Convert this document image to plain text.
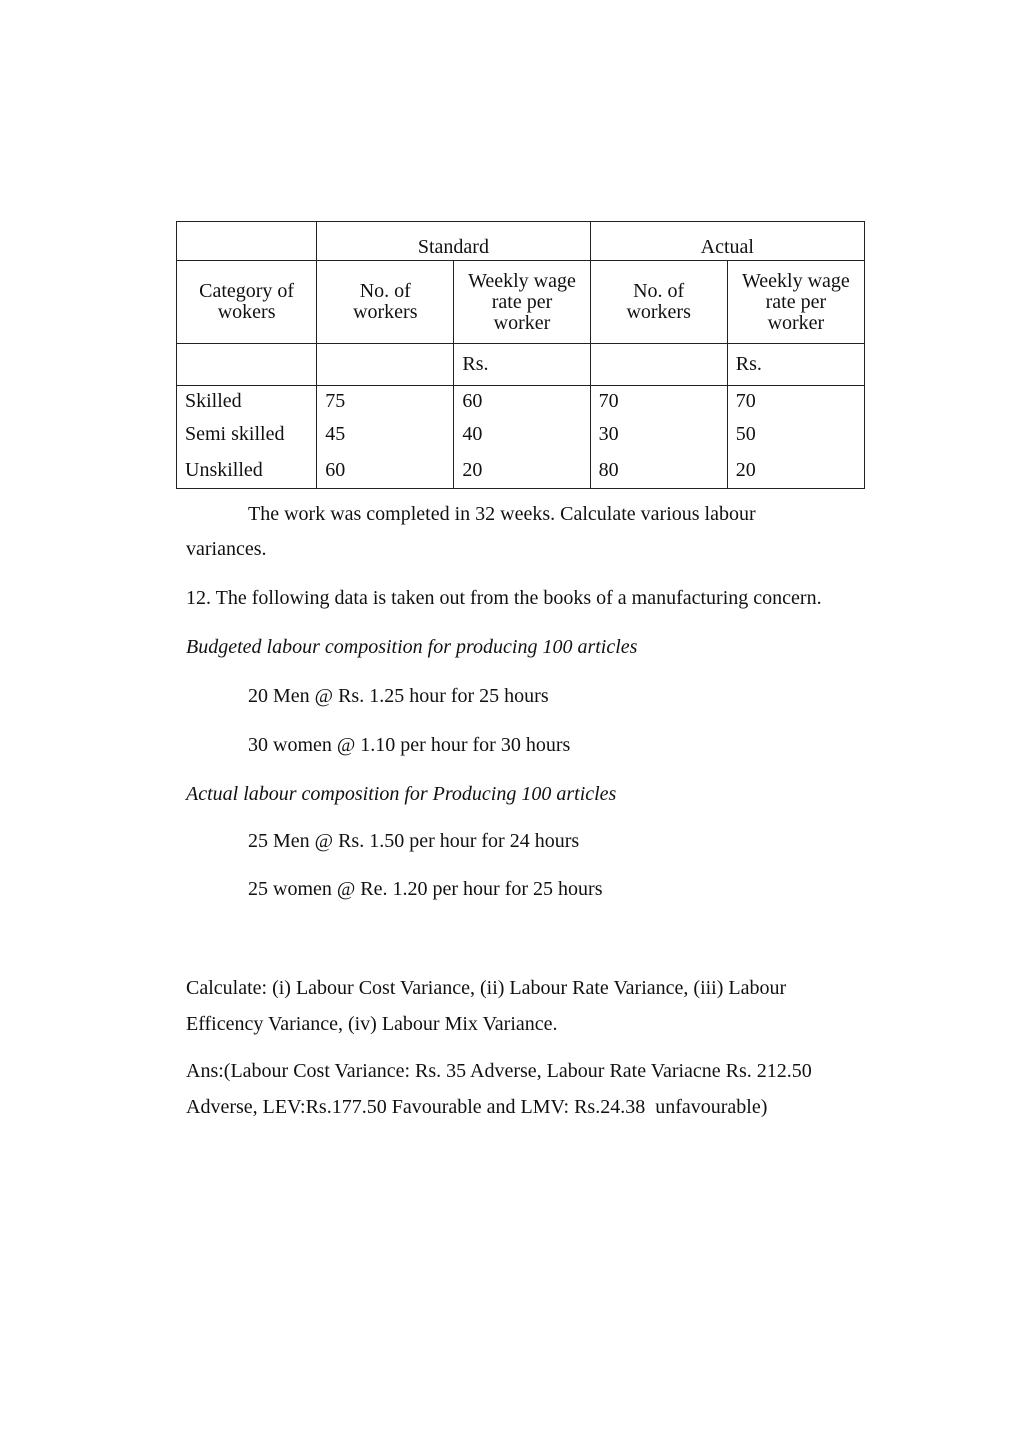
	Standard		Actual	

Category of
wokers	No. of
workers	Weekly wage
rate per
worker	No. of
workers	Weekly wage
rate per
worker

		Rs.		Rs.
Skilled	75	60	70	70
Semi skilled	45	40	30	50
Unskilled	60	20	80	20

The work was completed in 32 weeks. Calculate various labour

variances.

12. The following data is taken out from the books of a manufacturing concern.

Budgeted labour composition for producing 100 articles

20 Men @ Rs. 1.25 hour for 25 hours

30 women @ 1.10 per hour for 30 hours

Actual labour composition for Producing 100 articles

25 Men @ Rs. 1.50 per hour for 24 hours

25 women @ Re. 1.20 per hour for 25 hours

Calculate: (i) Labour Cost Variance, (ii) Labour Rate Variance, (iii) Labour

Efficency Variance, (iv) Labour Mix Variance.

Ans:(Labour Cost Variance: Rs. 35 Adverse, Labour Rate Variacne Rs. 212.50

Adverse, LEV:Rs.177.50 Favourable and LMV: Rs.24.38  unfavourable)
